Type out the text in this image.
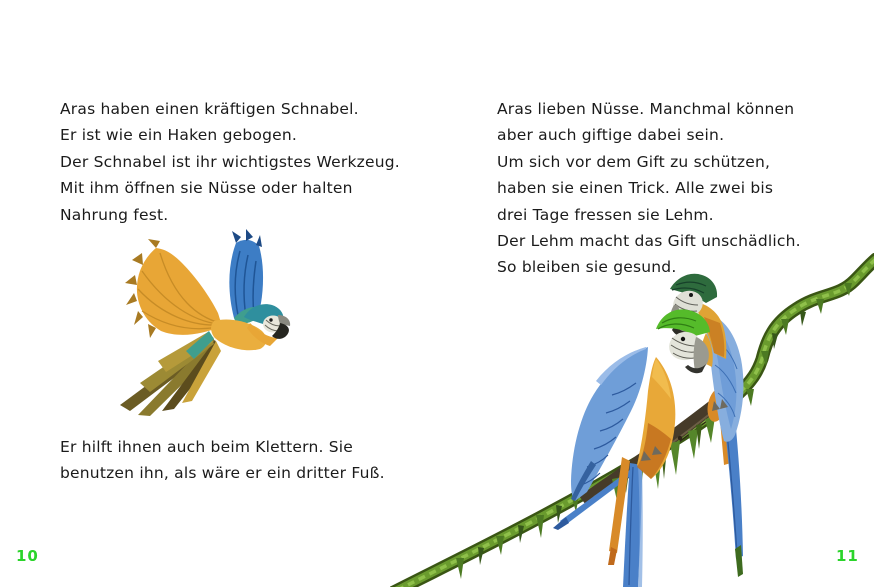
Aras haben einen kräftigen Schnabel.

Er ist wie ein Haken gebogen.

Der Schnabel ist ihr wichtigstes Werkzeug.

Mit ihm öffnen sie Nüsse oder halten

Nahrung fest.

Er hilft ihnen auch beim Klettern. Sie

benutzen ihn, als wäre er ein dritter Fuß.

10

Aras lieben Nüsse. Manchmal können

aber auch giftige dabei sein.

Um sich vor dem Gift zu schützen,

haben sie einen Trick. Alle zwei bis

drei Tage fressen sie Lehm.

Der Lehm macht das Gift unschädlich.

So bleiben sie gesund.

11
